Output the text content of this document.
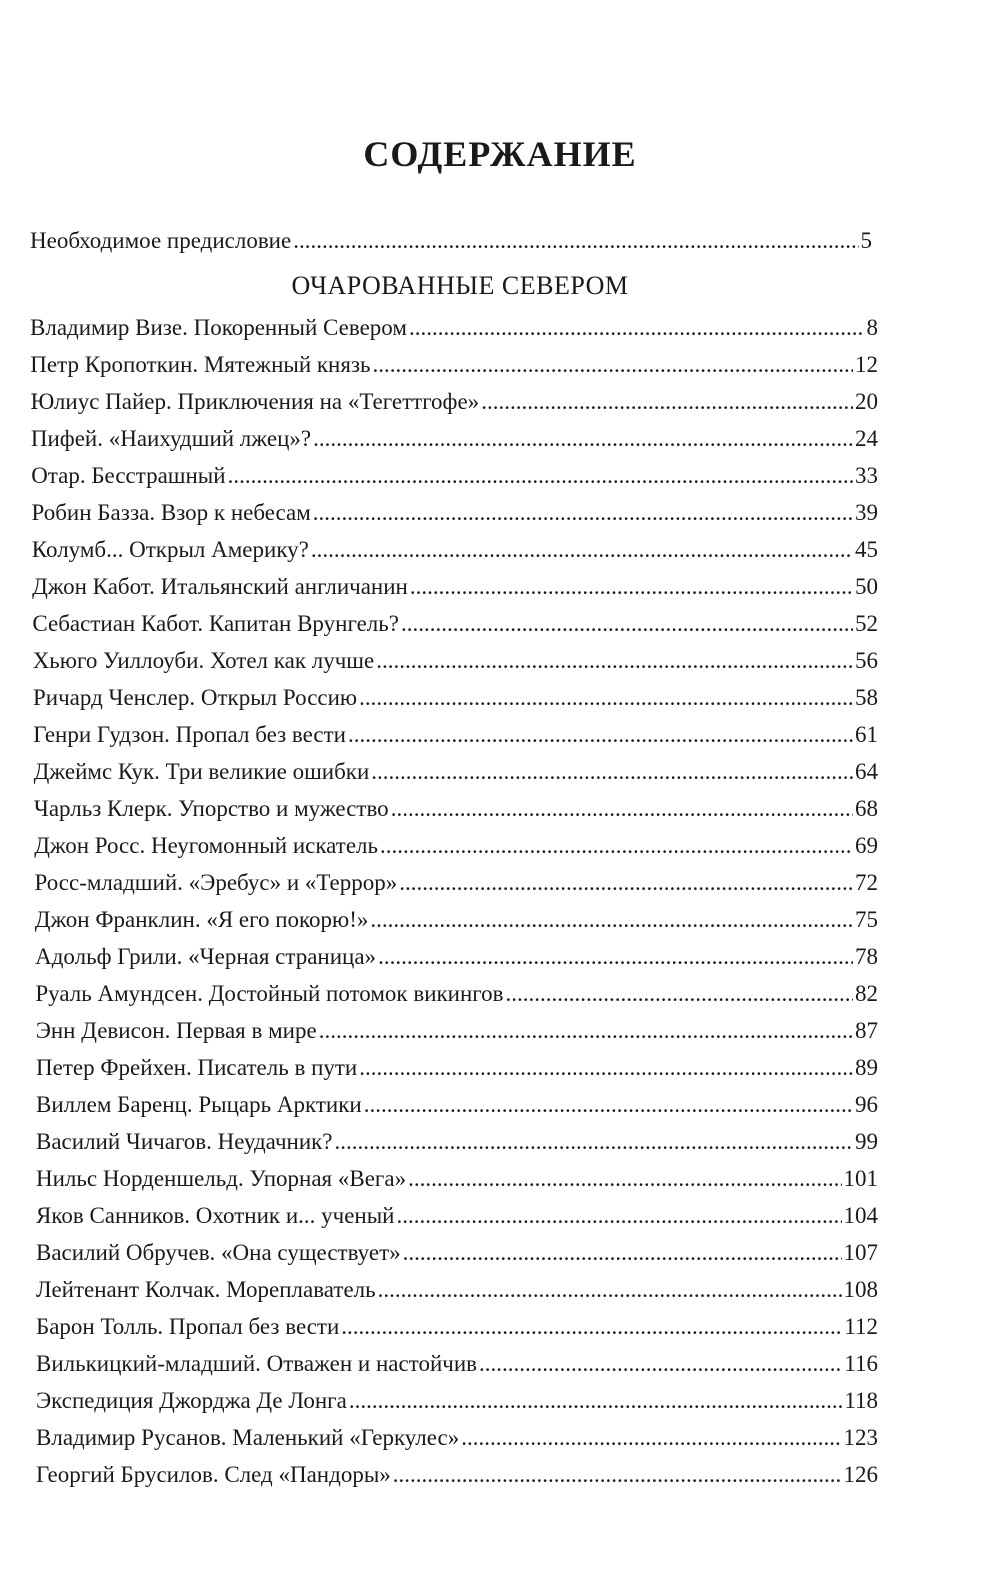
СОДЕРЖАНИЕ
Необходимое предисловие .....	5
ОЧАРОВАННЫЕ СЕВЕРОМ
Владимир Визе. Покоренный Севером .....	8
Петр Кропоткин. Мятежный князь .....	12
Юлиус Пайер. Приключения на «Тегеттгофе» .....	20
Пифей. «Наихудший лжец»? .....	24
Отар. Бесстрашный .....	33
Робин Базза. Взор к небесам .....	39
Колумб... Открыл Америку? .....	45
Джон Кабот. Итальянский англичанин .....	50
Себастиан Кабот. Капитан Врунгель? .....	52
Хьюго Уиллоуби. Хотел как лучше .....	56
Ричард Ченслер. Открыл Россию .....	58
Генри Гудзон. Пропал без вести .....	61
Джеймс Кук. Три великие ошибки .....	64
Чарльз Клерк. Упорство и мужество .....	68
Джон Росс. Неугомонный искатель .....	69
Росс-младший. «Эребус» и «Террор» .....	72
Джон Франклин. «Я его покорю!» .....	75
Адольф Грили. «Черная страница» .....	78
Руаль Амундсен. Достойный потомок викингов .....	82
Энн Девисон. Первая в мире .....	87
Петер Фрейхен. Писатель в пути .....	89
Виллем Баренц. Рыцарь Арктики .....	96
Василий Чичагов. Неудачник? .....	99
Нильс Норденшельд. Упорная «Вега» .....	101
Яков Санников. Охотник и... ученый .....	104
Василий Обручев. «Она существует» .....	107
Лейтенант Колчак. Мореплаватель .....	108
Барон Толль. Пропал без вести .....	112
Вилькицкий-младший. Отважен и настойчив .....	116
Экспедиция Джорджа Де Лонга .....	118
Владимир Русанов. Маленький «Геркулес» .....	123
Георгий Брусилов. След «Пандоры» .....	126
